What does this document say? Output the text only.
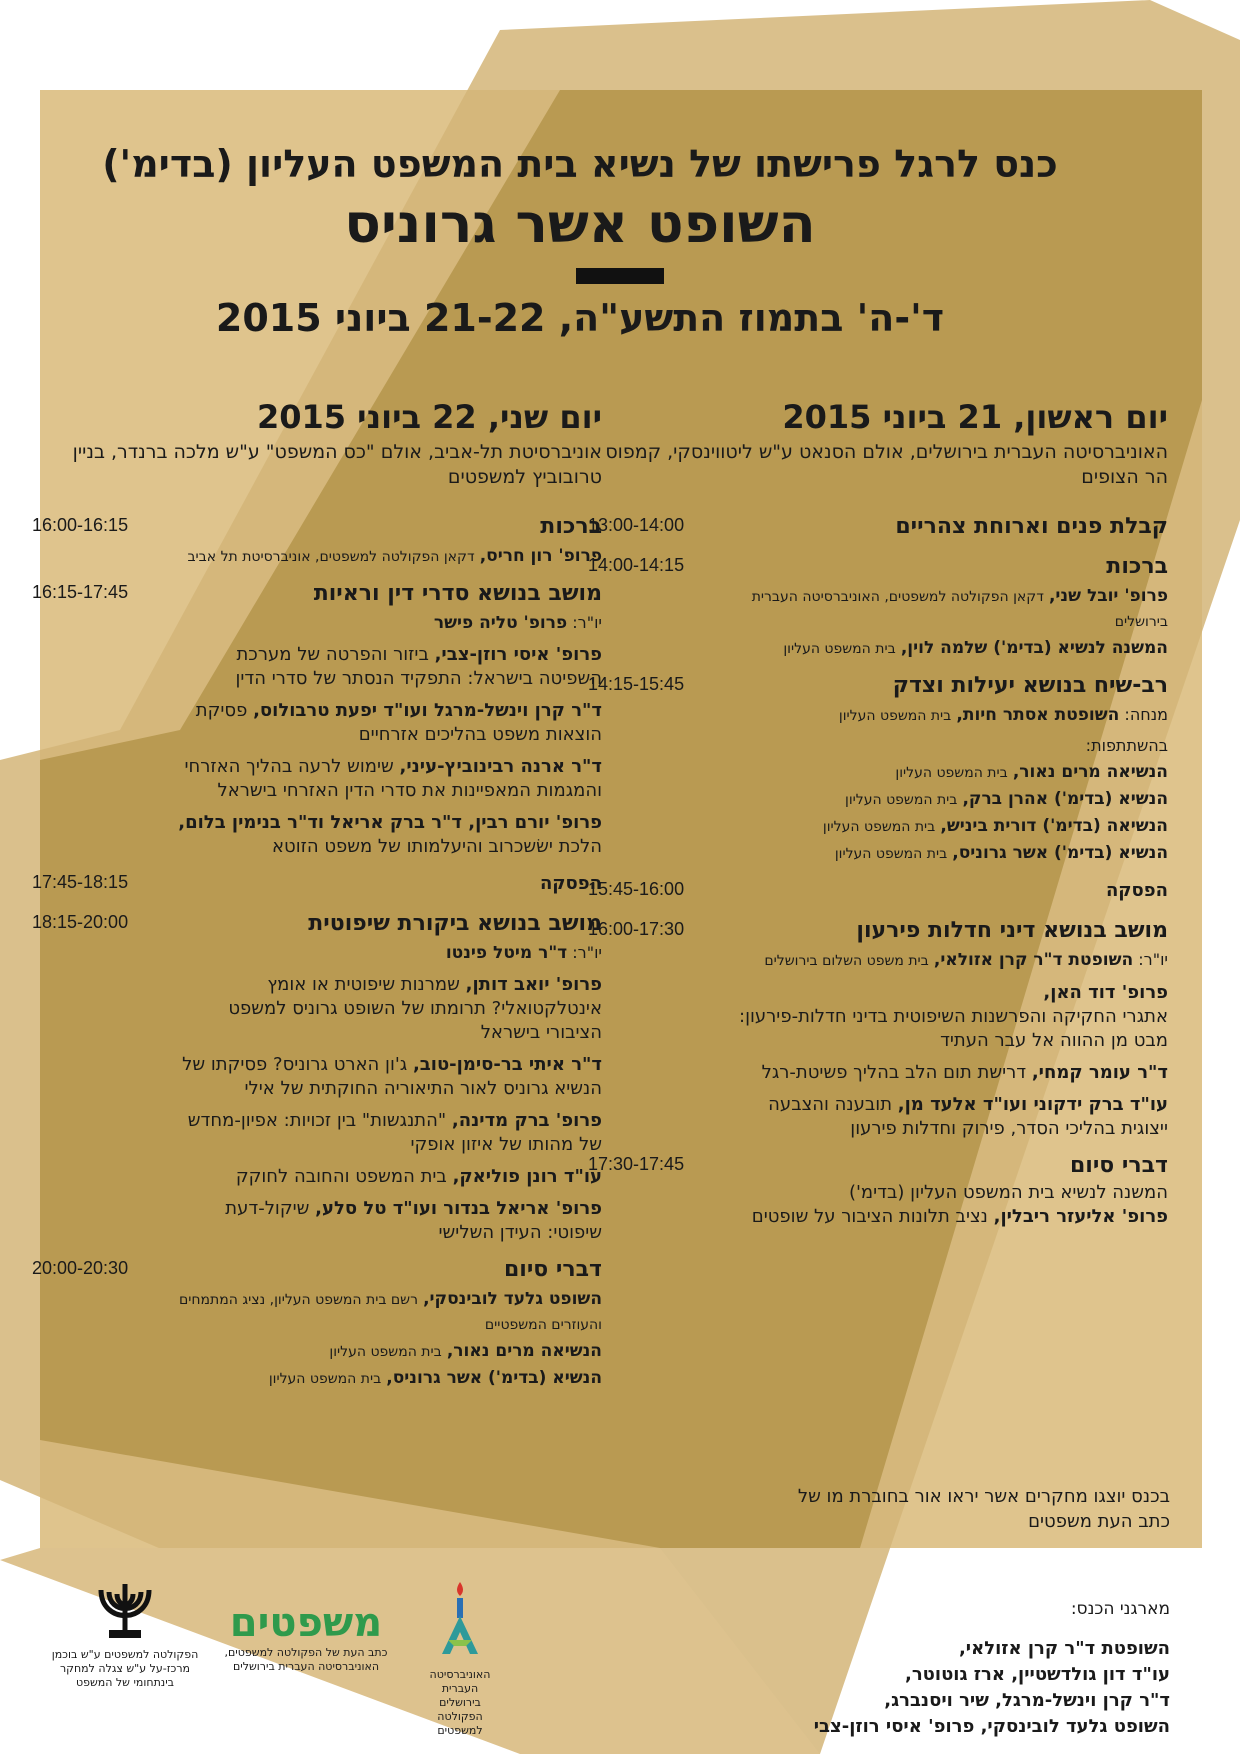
כנס לרגל פרישתו של נשיא בית המשפט העליון (בדימ')
השופט אשר גרוניס
ד'-ה' בתמוז התשע"ה, 21-22 ביוני 2015
יום ראשון, 21 ביוני 2015
האוניברסיטה העברית בירושלים, אולם הסנאט ע"ש ליטווינסקי, קמפוס הר הצופים
13:00-14:00	קבלת פנים וארוחת צהריים
14:00-14:15	ברכות
פרופ' יובל שני, דקאן הפקולטה למשפטים, האוניברסיטה העברית בירושלים
המשנה לנשיא (בדימ') שלמה לוין, בית המשפט העליון
14:15-15:45	רב-שיח בנושא יעילות וצדק
מנחה: השופטת אסתר חיות, בית המשפט העליון
בהשתתפות:
הנשיאה מרים נאור, בית המשפט העליון
הנשיא (בדימ') אהרן ברק, בית המשפט העליון
הנשיאה (בדימ') דורית ביניש, בית המשפט העליון
הנשיא (בדימ') אשר גרוניס, בית המשפט העליון
15:45-16:00	הפסקה
16:00-17:30	מושב בנושא דיני חדלות פירעון
יו"ר: השופטת ד"ר קרן אזולאי, בית משפט השלום בירושלים
פרופ' דוד האן,
אתגרי החקיקה והפרשנות השיפוטית בדיני חדלות-פירעון: מבט מן ההווה אל עבר העתיד
ד"ר עומר קמחי, דרישת תום הלב בהליך פשיטת-רגל
עו"ד ברק ידקוני ועו"ד אלעד מן, תובענה והצבעה ייצוגית בהליכי הסדר, פירוק וחדלות פירעון
17:30-17:45	דברי סיום
המשנה לנשיא בית המשפט העליון (בדימ')
פרופ' אליעזר ריבלין, נציב תלונות הציבור על שופטים
יום שני, 22 ביוני 2015
אוניברסיטת תל-אביב, אולם "כס המשפט" ע"ש מלכה ברנדר, בניין טרובוביץ למשפטים
16:00-16:15	ברכות
פרופ' רון חריס, דקאן הפקולטה למשפטים, אוניברסיטת תל אביב
16:15-17:45	מושב בנושא סדרי דין וראיות
יו"ר: פרופ' טליה פישר
פרופ' איסי רוזן-צבי, ביזור והפרטה של מערכת השפיטה בישראל: התפקיד הנסתר של סדרי הדין
ד"ר קרן וינשל-מרגל ועו"ד יפעת טרבולוס, פסיקת הוצאות משפט בהליכים אזרחיים
ד"ר ארנה רבינוביץ-עיני, שימוש לרעה בהליך האזרחי והמגמות המאפיינות את סדרי הדין האזרחי בישראל
פרופ' יורם רבין, ד"ר ברק אריאל וד"ר בנימין בלום, הלכת ישׂשכרוב והיעלמותו של משפט הזוטא
17:45-18:15	הפסקה
18:15-20:00	מושב בנושא ביקורת שיפוטית
יו"ר: ד"ר מיטל פינטו
פרופ' יואב דותן, שמרנות שיפוטית או אומץ אינטלקטואלי? תרומתו של השופט גרוניס למשפט הציבורי בישראל
ד"ר איתי בר-סימן-טוב, ג'ון הארט גרוניס? פסיקתו של הנשיא גרוניס לאור התיאוריה החוקתית של אילי
פרופ' ברק מדינה, "התנגשות" בין זכויות: אפיון-מחדש של מהותו של איזון אופקי
עו"ד רונן פוליאק, בית המשפט והחובה לחוקק
פרופ' אריאל בנדור ועו"ד טל סלע, שיקול-דעת שיפוטי: העידן השלישי
20:00-20:30	דברי סיום
השופט גלעד לובינסקי, רשם בית המשפט העליון, נציג המתמחים והעוזרים המשפטיים
הנשיאה מרים נאור, בית המשפט העליון
הנשיא (בדימ') אשר גרוניס, בית המשפט העליון
בכנס יוצגו מחקרים אשר יראו אור בחוברת מו של כתב העת משפטים
מארגני הכנס:
השופטת ד"ר קרן אזולאי,
עו"ד דון גולדשטיין, ארז גוטוטר,
ד"ר קרן וינשל-מרגל, שיר ויסנברג,
השופט גלעד לובינסקי, פרופ' איסי רוזן-צבי
הפקולטה למשפטים ע"ש בוכמן מרכז-על ע"ש צגלה למחקר בינתחומי של המשפט
משפטים
כתב העת של הפקולטה למשפטים, האוניברסיטה העברית בירושלים
האוניברסיטה העברית בירושלים הפקולטה למשפטים
